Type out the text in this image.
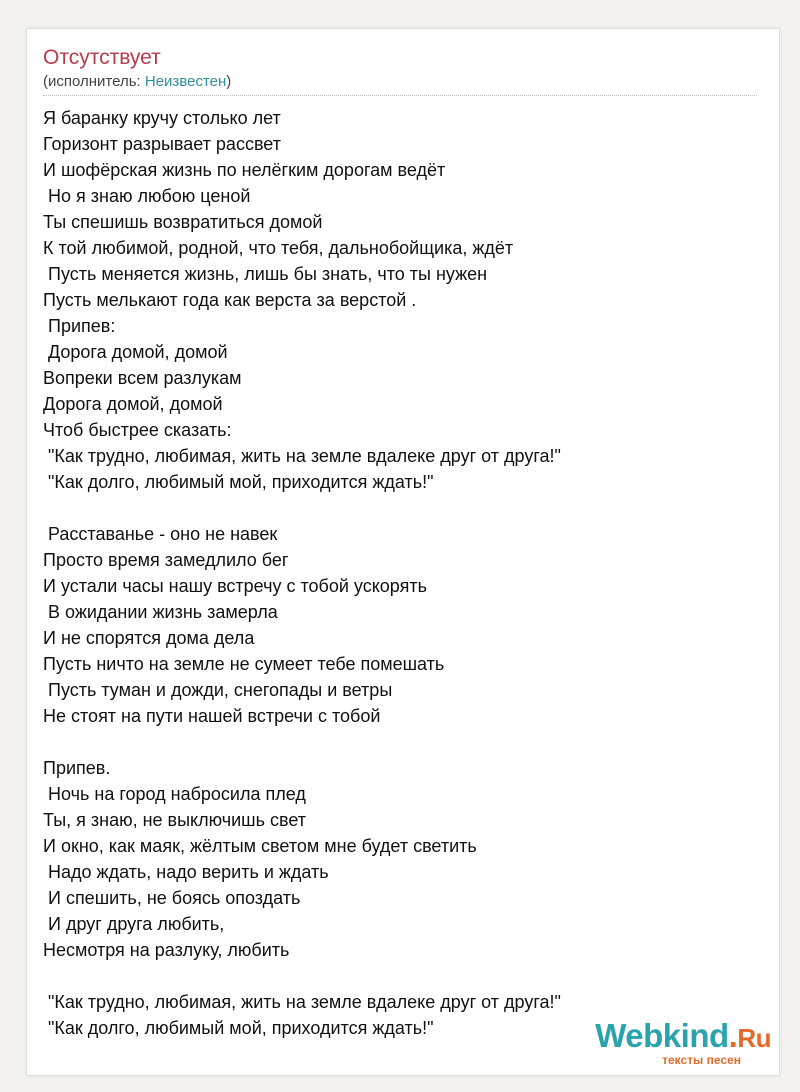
Отсутствует
(исполнитель: Неизвестен)
Я баранку кручу столько лет
Горизонт разрывает рассвет
И шофёрская жизнь по нелёгким дорогам ведёт
Но я знаю любою ценой
Ты спешишь возвратиться домой
К той любимой, родной, что тебя, дальнобойщика, ждёт
Пусть меняется жизнь, лишь бы знать, что ты нужен
Пусть мелькают года как верста за верстой .
Припев:
Дорога домой, домой
Вопреки всем разлукам
Дорога домой, домой
Чтоб быстрее сказать:
"Как трудно, любимая, жить на земле вдалеке друг от друга!"
"Как долго, любимый мой, приходится ждать!"
Расставанье - оно не навек
Просто время замедлило бег
И устали часы нашу встречу с тобой ускорять
В ожидании жизнь замерла
И не спорятся дома дела
Пусть ничто на земле не сумеет тебе помешать
Пусть туман и дожди, снегопады и ветры
Не стоят на пути нашей встречи с тобой
Припев.
Ночь на город набросила плед
Ты, я знаю, не выключишь свет
И окно, как маяк, жёлтым светом мне будет светить
Надо ждать, надо верить и ждать
И спешить, не боясь опоздать
И друг друга любить,
Несмотря на разлуку, любить
"Как трудно, любимая, жить на земле вдалеке друг от друга!"
"Как долго, любимый мой, приходится ждать!"	Webkind.Ru
тексты песен
